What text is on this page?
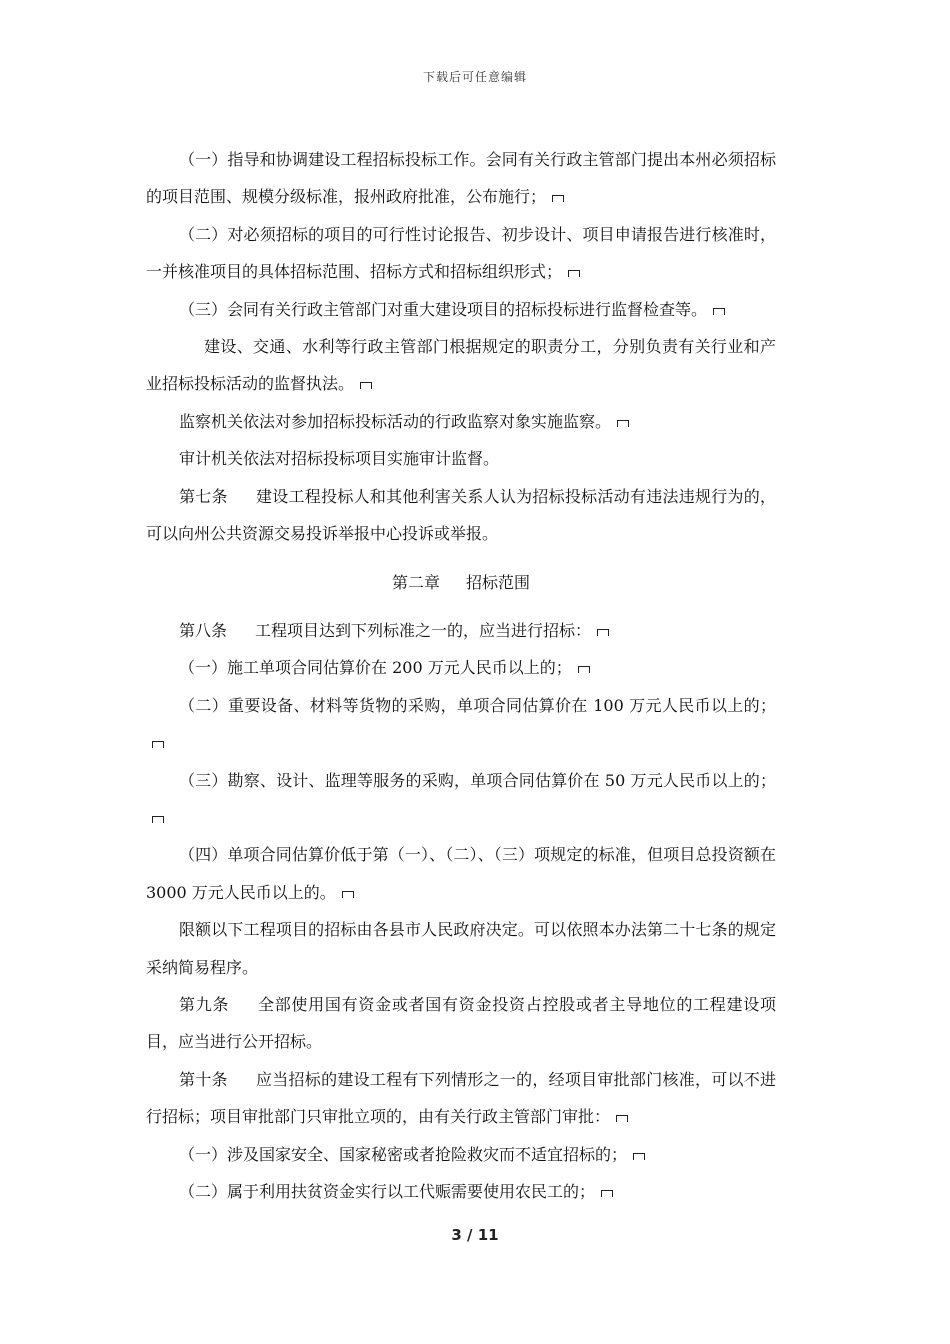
下载后可任意编辑

（一）指导和协调建设工程招标投标工作。会同有关行政主管部门提出本州必须招标的项目范围、规模分级标准，报州政府批准，公布施行；

（二）对必须招标的项目的可行性讨论报告、初步设计、项目申请报告进行核准时，一并核准项目的具体招标范围、招标方式和招标组织形式；

（三）会同有关行政主管部门对重大建设项目的招标投标进行监督检查等。

建设、交通、水利等行政主管部门根据规定的职责分工，分别负责有关行业和产业招标投标活动的监督执法。

监察机关依法对参加招标投标活动的行政监察对象实施监察。

审计机关依法对招标投标项目实施审计监督。

第七条 建设工程投标人和其他利害关系人认为招标投标活动有违法违规行为的，可以向州公共资源交易投诉举报中心投诉或举报。

第二章 招标范围

第八条 工程项目达到下列标准之一的，应当进行招标：

（一）施工单项合同估算价在 200 万元人民币以上的；

（二）重要设备、材料等货物的采购，单项合同估算价在 100 万元人民币以上的；

（三）勘察、设计、监理等服务的采购，单项合同估算价在 50 万元人民币以上的；

（四）单项合同估算价低于第（一）、（二）、（三）项规定的标准，但项目总投资额在 3000 万元人民币以上的。

限额以下工程项目的招标由各县市人民政府决定。可以依照本办法第二十七条的规定采纳简易程序。

第九条 全部使用国有资金或者国有资金投资占控股或者主导地位的工程建设项目，应当进行公开招标。

第十条 应当招标的建设工程有下列情形之一的，经项目审批部门核准，可以不进行招标；项目审批部门只审批立项的，由有关行政主管部门审批：

（一）涉及国家安全、国家秘密或者抢险救灾而不适宜招标的；

（二）属于利用扶贫资金实行以工代赈需要使用农民工的；

3 / 11
